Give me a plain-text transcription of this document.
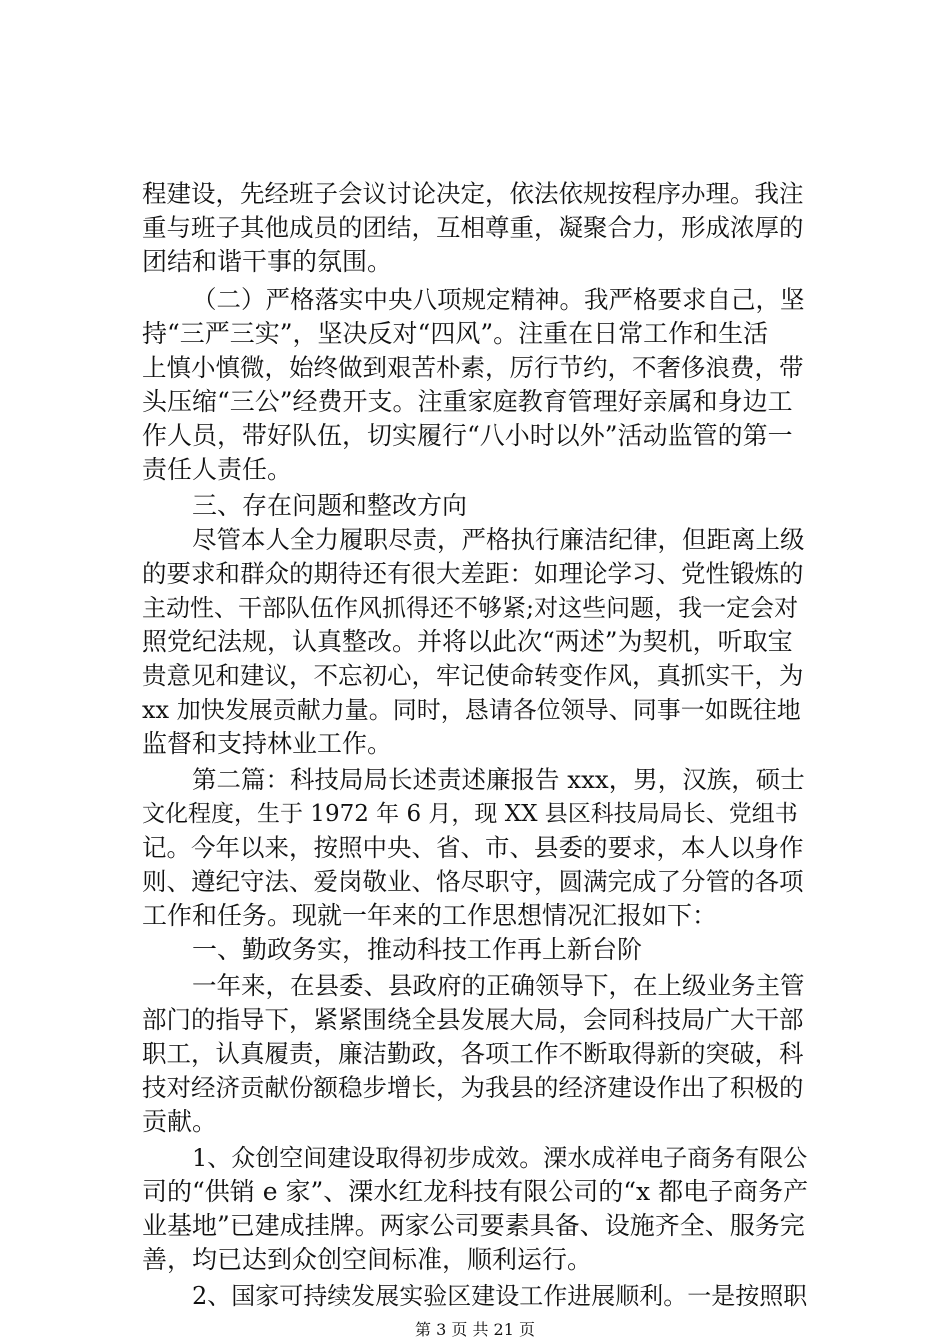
程建设，先经班子会议讨论决定，依法依规按程序办理。我注
重与班子其他成员的团结，互相尊重，凝聚合力，形成浓厚的
团结和谐干事的氛围。
（二）严格落实中央八项规定精神。我严格要求自己，坚
持“三严三实”，坚决反对“四风”。注重在日常工作和生活
上慎小慎微，始终做到艰苦朴素，厉行节约，不奢侈浪费，带
头压缩“三公”经费开支。注重家庭教育管理好亲属和身边工
作人员，带好队伍，切实履行“八小时以外”活动监管的第一
责任人责任。
三、存在问题和整改方向
尽管本人全力履职尽责，严格执行廉洁纪律，但距离上级
的要求和群众的期待还有很大差距：如理论学习、党性锻炼的
主动性、干部队伍作风抓得还不够紧;对这些问题，我一定会对
照党纪法规，认真整改。并将以此次“两述”为契机，听取宝
贵意见和建议，不忘初心，牢记使命转变作风，真抓实干，为
xx 加快发展贡献力量。同时，恳请各位领导、同事一如既往地
监督和支持林业工作。
第二篇：科技局局长述责述廉报告 xxx，男，汉族，硕士
文化程度，生于 1972 年 6 月，现 XX 县区科技局局长、党组书
记。今年以来，按照中央、省、市、县委的要求，本人以身作
则、遵纪守法、爱岗敬业、恪尽职守，圆满完成了分管的各项
工作和任务。现就一年来的工作思想情况汇报如下：
一、勤政务实，推动科技工作再上新台阶
一年来，在县委、县政府的正确领导下，在上级业务主管
部门的指导下，紧紧围绕全县发展大局，会同科技局广大干部
职工，认真履责，廉洁勤政，各项工作不断取得新的突破，科
技对经济贡献份额稳步增长，为我县的经济建设作出了积极的
贡献。
1、众创空间建设取得初步成效。溧水成祥电子商务有限公
司的“供销 e 家”、溧水红龙科技有限公司的“x 都电子商务产
业基地”已建成挂牌。两家公司要素具备、设施齐全、服务完
善，均已达到众创空间标准，顺利运行。
2、国家可持续发展实验区建设工作进展顺利。一是按照职
第 3 页 共 21 页
